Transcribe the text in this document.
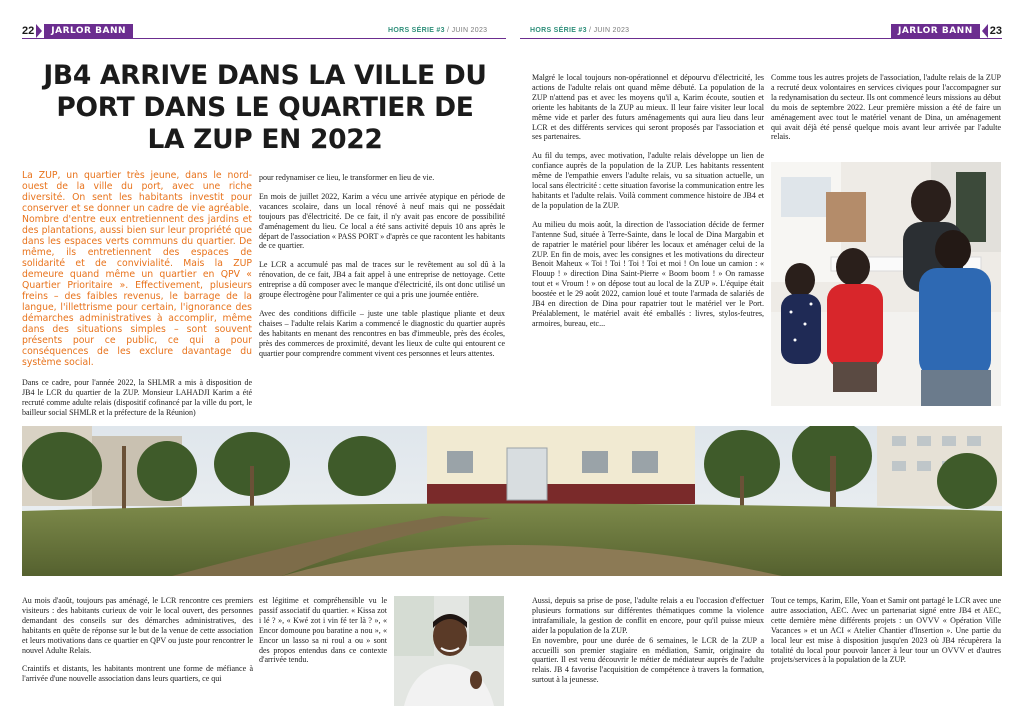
22	JARLOR BANN	HORS SÉRIE #3 / JUIN 2023	HORS SÉRIE #3 / JUIN 2023	JARLOR BANN	23
JB4 ARRIVE DANS LA VILLE DU PORT DANS LE QUARTIER DE LA ZUP EN 2022

La ZUP, un quartier très jeune, dans le nord-ouest de la ville du port, avec une riche diversité. On sent les habitants investit pour conserver et se donner un cadre de vie agréable. Nombre d'entre eux entretiennent des jardins et des plantations, aussi bien sur leur propriété que dans les espaces verts communs du quartier. De même, ils entretiennent des espaces de solidarité et de convivialité. Mais la ZUP demeure quand même un quartier en QPV « Quartier Prioritaire ». Effectivement, plusieurs freins – des faibles revenus, le barrage de la langue, l'illettrisme pour certain, l'ignorance des démarches administratives à accomplir, même dans des situations simples – sont souvent présents pour ce public, ce qui a pour conséquences de les exclure davantage du système social.

Dans ce cadre, pour l'année 2022, la SHLMR a mis à disposition de JB4 le LCR du quartier de la ZUP. Monsieur LAHADJI Karim a été recruté comme adulte relais (dispositif cofinancé par la ville du port, le bailleur social SHMLR et la préfecture de la Réunion)

pour redynamiser ce lieu, le transformer en lieu de vie.

En mois de juillet 2022, Karim a vécu une arrivée atypique en période de vacances scolaire, dans un local rénové à neuf mais qui ne possédait toujours pas d'électricité. De ce fait, il n'y avait pas encore de possibilité d'aménagement du lieu. Ce local a été sans activité depuis 10 ans après le départ de l'association « PASS PORT » d'après ce que racontent les habitants de ce quartier.

Le LCR a accumulé pas mal de traces sur le revêtement au sol dû à la rénovation, de ce fait, JB4 a fait appel à une entreprise de nettoyage. Cette entreprise a dû composer avec le manque d'électricité, ils ont donc utilisé un groupe électrogène pour l'alimenter ce qui a pris une journée entière.

Avec des conditions difficile – juste une table plastique pliante et deux chaises – l'adulte relais Karim a commencé le diagnostic du quartier auprès des habitants en menant des rencontres en bas d'immeuble, près des écoles, près des commerces de proximité, devant les lieux de culte qui entourent ce quartier pour comprendre comment vivent ces personnes et leurs attentes.

Malgré le local toujours non-opérationnel et dépourvu d'électricité, les actions de l'adulte relais ont quand même débuté. La population de la ZUP n'attend pas et avec les moyens qu'il a, Karim écoute, soutien et oriente les habitants de la ZUP au mieux. Il leur faire visiter leur local même vide et parler des futurs aménagements qui aura lieu dans leur LCR et des différents services qui seront proposés par l'association et ses partenaires.

Au fil du temps, avec motivation, l'adulte relais développe un lien de confiance auprès de la population de la ZUP. Les habitants ressentent même de l'empathie envers l'adulte relais, vu sa situation actuelle, un local sans électricité : cette situation favorise la communication entre les habitants et l'adulte relais. Voilà comment commence histoire de JB4 et de la population de la ZUP.

Au milieu du mois août, la direction de l'association décide de fermer l'antenne Sud, située à Terre-Sainte, dans le local de Dina Margabin et de rapatrier le matériel pour libérer les locaux et aménager celui de la ZUP. En fin de mois, avec les consignes et les motivations du directeur Benoit Maheux « Toi ! Toi ! Toi ! Toi et moi ! On loue un camion : « Flouup ! » direction Dina Saint-Pierre « Boom boom ! » On ramasse tout et « Vroum ! » on dépose tout au local de la ZUP ». L'équipe était boostée et le 29 août 2022, camion loué et toute l'armada de salariés de JB4 en direction de Dina pour rapatrier tout le matériel ver le Port. Préalablement, le matériel avait été emballés : livres, stylos-feutres, armoires, bureau, etc...

Comme tous les autres projets de l'association, l'adulte relais de la ZUP a recruté deux volontaires en services civiques pour l'accompagner sur la redynamisation du secteur. Ils ont commencé leurs missions au début du mois de septembre 2022. Leur première mission a été de faire un aménagement avec tout le matériel venant de Dina, un aménagement qui avait déjà été pensé quelque mois avant leur arrivée par l'adulte relais.

Au mois d'août, toujours pas aménagé, le LCR rencontre ces premiers visiteurs : des habitants curieux de voir le local ouvert, des personnes demandant des conseils sur des démarches administratives, des habitants en quête de réponse sur le but de la venue de cette association et leurs motivations dans ce quartier en QPV ou juste pour rencontrer le nouvel Adulte Relais.

Craintifs et distants, les habitants montrent une forme de méfiance à l'arrivée d'une nouvelle association dans leurs quartiers, ce qui

est légitime et compréhensible vu le passif associatif du quartier. « Kissa zot i lé ? », « Kwé zot i vin fé ter là ? », « Encor domoune pou baratine a nou », « Encor un lasso sa ni roul a ou » sont des propos entendus dans ce contexte d'arrivée tendu.

Aussi, depuis sa prise de pose, l'adulte relais a eu l'occasion d'effectuer plusieurs formations sur différentes thématiques comme la violence intrafamiliale, la gestion de conflit en encore, pour qu'il puisse mieux aider la population de la ZUP.

En novembre, pour une durée de 6 semaines, le LCR de la ZUP a accueilli son premier stagiaire en médiation, Samir, originaire du quartier. Il est venu découvrir le métier de médiateur auprès de l'adulte relais. JB 4 favorise l'acquisition de compétence à travers la formation, surtout à la jeunesse.

Tout ce temps, Karim, Elle, Yoan et Samir ont partagé le LCR avec une autre association, AEC. Avec un partenariat signé entre JB4 et AEC, cette dernière mène différents projets : un OVVV « Opération Ville Vacances » et un ACI « Atelier Chantier d'Insertion ». Une partie du local leur est mise à disposition jusqu'en 2023 où JB4 récupèrera la totalité du local pour pouvoir lancer à leur tour un OVVV et d'autres projets/services à la population de la ZUP.
